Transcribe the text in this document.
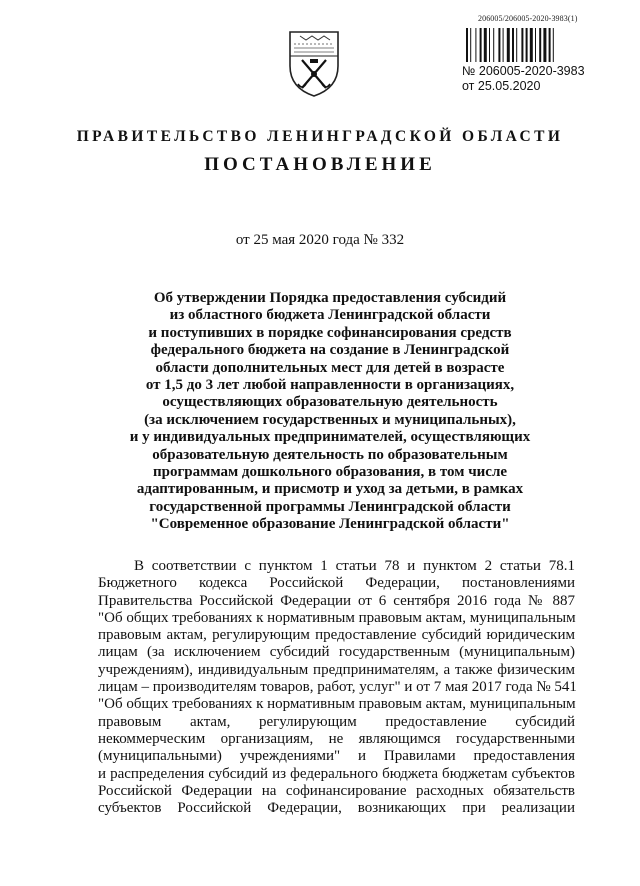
206005/206005-2020-3983(1)
№ 206005-2020-3983
от 25.05.2020
ПРАВИТЕЛЬСТВО ЛЕНИНГРАДСКОЙ ОБЛАСТИ
ПОСТАНОВЛЕНИЕ
от 25 мая 2020 года № 332
Об утверждении Порядка предоставления субсидий
из областного бюджета Ленинградской области
и поступивших в порядке софинансирования средств
федерального бюджета на создание в Ленинградской
области дополнительных мест для детей в возрасте
от 1,5 до 3 лет любой направленности в организациях,
осуществляющих образовательную деятельность
(за исключением государственных и муниципальных),
и у индивидуальных предпринимателей, осуществляющих
образовательную деятельность по образовательным
программам дошкольного образования, в том числе
адаптированным, и присмотр и уход за детьми, в рамках
государственной программы Ленинградской области
"Современное образование Ленинградской области"
В соответствии с пунктом 1 статьи 78 и пунктом 2 статьи 78.1
Бюджетного кодекса Российской Федерации, постановлениями
Правительства Российской Федерации от 6 сентября 2016 года № 887
"Об общих требованиях к нормативным правовым актам, муниципальным
правовым актам, регулирующим предоставление субсидий юридическим
лицам (за исключением субсидий государственным (муниципальным)
учреждениям), индивидуальным предпринимателям, а также физическим
лицам – производителям товаров, работ, услуг" и от 7 мая 2017 года № 541
"Об общих требованиях к нормативным правовым актам, муниципальным
правовым актам, регулирующим предоставление субсидий
некоммерческим организациям, не являющимся государственными
(муниципальными) учреждениями" и Правилами предоставления
и распределения субсидий из федерального бюджета бюджетам субъектов
Российской Федерации на софинансирование расходных обязательств
субъектов Российской Федерации, возникающих при реализации
